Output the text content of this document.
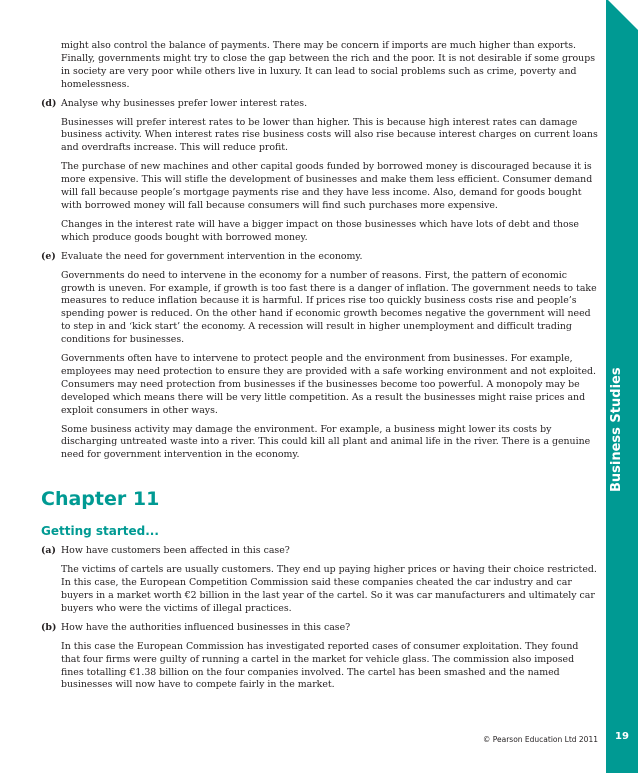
Business Studies
19

might also control the balance of payments. There may be concern if imports are much higher than exports. Finally, governments might try to close the gap between the rich and the poor. It is not desirable if some groups in society are very poor while others live in luxury. It can lead to social problems such as crime, poverty and homelessness.

(d) Analyse why businesses prefer lower interest rates.

Businesses will prefer interest rates to be lower than higher. This is because high interest rates can damage business activity. When interest rates rise business costs will also rise because interest charges on current loans and overdrafts increase. This will reduce profit.

The purchase of new machines and other capital goods funded by borrowed money is discouraged because it is more expensive. This will stifle the development of businesses and make them less efficient. Consumer demand will fall because people’s mortgage payments rise and they have less income. Also, demand for goods bought with borrowed money will fall because consumers will find such purchases more expensive.

Changes in the interest rate will have a bigger impact on those businesses which have lots of debt and those which produce goods bought with borrowed money.

(e) Evaluate the need for government intervention in the economy.

Governments do need to intervene in the economy for a number of reasons. First, the pattern of economic growth is uneven. For example, if growth is too fast there is a danger of inflation. The government needs to take measures to reduce inflation because it is harmful. If prices rise too quickly business costs rise and people’s spending power is reduced. On the other hand if economic growth becomes negative the government will need to step in and ‘kick start’ the economy. A recession will result in higher unemployment and difficult trading conditions for businesses.

Governments often have to intervene to protect people and the environment from businesses. For example, employees may need protection to ensure they are provided with a safe working environment and not exploited. Consumers may need protection from businesses if the businesses become too powerful. A monopoly may be developed which means there will be very little competition. As a result the businesses might raise prices and exploit consumers in other ways.

Some business activity may damage the environment. For example, a business might lower its costs by discharging untreated waste into a river. This could kill all plant and animal life in the river. There is a genuine need for government intervention in the economy.

Chapter 11
Getting started...
(a) How have customers been affected in this case?

The victims of cartels are usually customers. They end up paying higher prices or having their choice restricted. In this case, the European Competition Commission said these companies cheated the car industry and car buyers in a market worth €2 billion in the last year of the cartel. So it was car manufacturers and ultimately car buyers who were the victims of illegal practices.

(b) How have the authorities influenced businesses in this case?

In this case the European Commission has investigated reported cases of consumer exploitation. They found that four firms were guilty of running a cartel in the market for vehicle glass. The commission also imposed fines totalling €1.38 billion on the four companies involved. The cartel has been smashed and the named businesses will now have to compete fairly in the market.

© Pearson Education Ltd 2011
